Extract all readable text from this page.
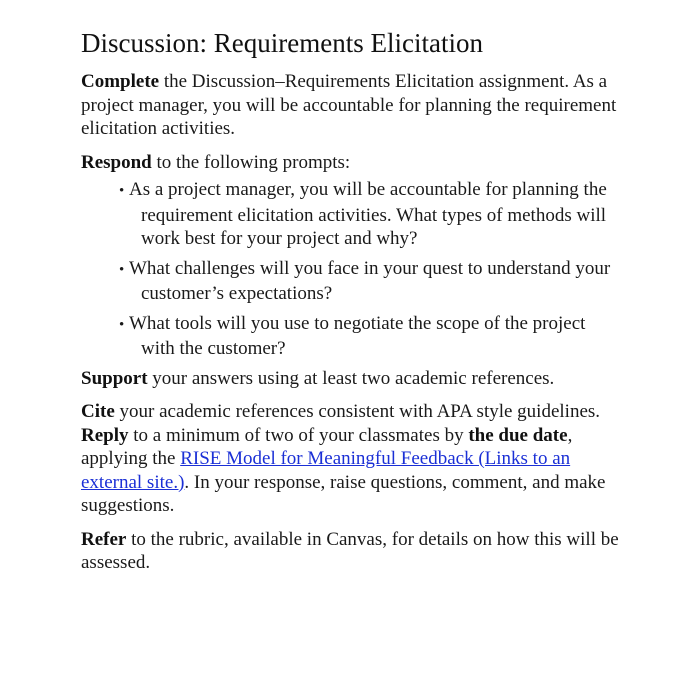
Discussion: Requirements Elicitation

Complete the Discussion–Requirements Elicitation assignment. As a project manager, you will be accountable for planning the requirement elicitation activities.

Respond to the following prompts:

• As a project manager, you will be accountable for planning the requirement elicitation activities. What types of methods will work best for your project and why?
• What challenges will you face in your quest to understand your customer’s expectations?
• What tools will you use to negotiate the scope of the project with the customer?

Support your answers using at least two academic references.

Cite your academic references consistent with APA style guidelines.

Reply to a minimum of two of your classmates by the due date, applying the RISE Model for Meaningful Feedback (Links to an external site.). In your response, raise questions, comment, and make suggestions.

Refer to the rubric, available in Canvas, for details on how this will be assessed.
